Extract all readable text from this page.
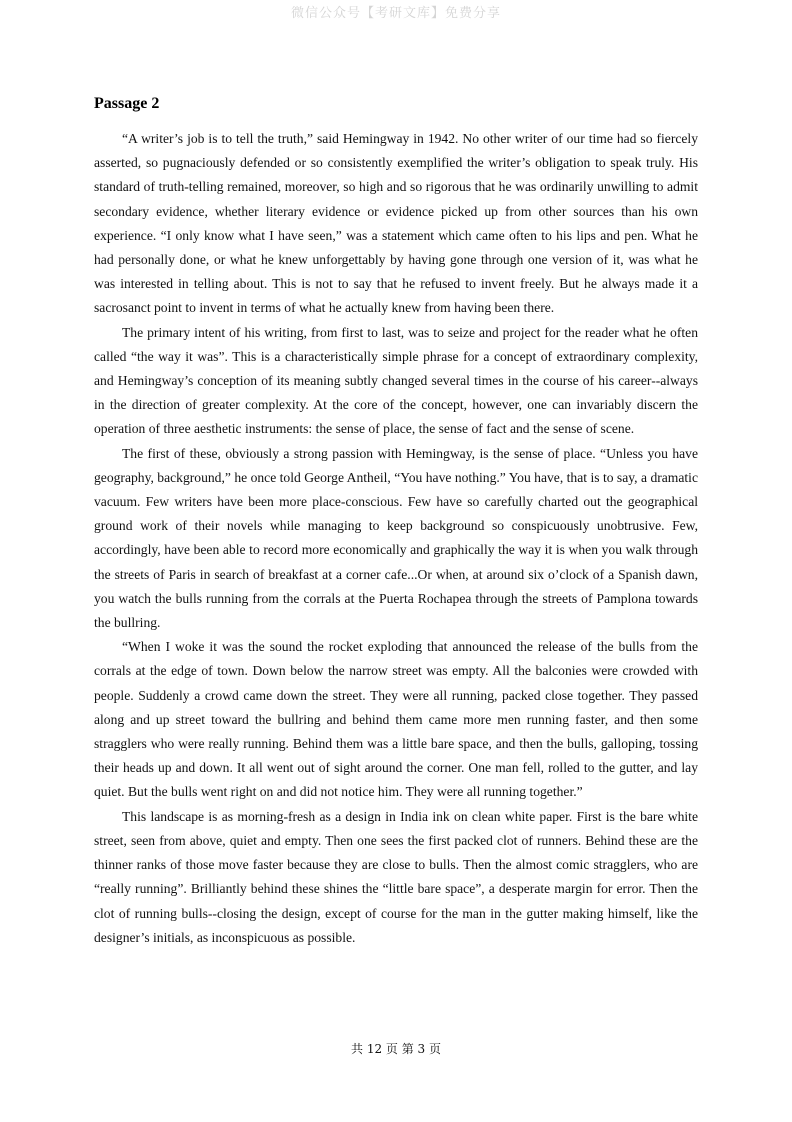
微信公众号【考研文库】免费分享
Passage 2

“A writer’s job is to tell the truth,” said Hemingway in 1942. No other writer of our time had so fiercely asserted, so pugnaciously defended or so consistently exemplified the writer’s obligation to speak truly. His standard of truth-telling remained, moreover, so high and so rigorous that he was ordinarily unwilling to admit secondary evidence, whether literary evidence or evidence picked up from other sources than his own experience. “I only know what I have seen,” was a statement which came often to his lips and pen. What he had personally done, or what he knew unforgettably by having gone through one version of it, was what he was interested in telling about. This is not to say that he refused to invent freely. But he always made it a sacrosanct point to invent in terms of what he actually knew from having been there.

The primary intent of his writing, from first to last, was to seize and project for the reader what he often called “the way it was”. This is a characteristically simple phrase for a concept of extraordinary complexity, and Hemingway’s conception of its meaning subtly changed several times in the course of his career--always in the direction of greater complexity. At the core of the concept, however, one can invariably discern the operation of three aesthetic instruments: the sense of place, the sense of fact and the sense of scene.

The first of these, obviously a strong passion with Hemingway, is the sense of place. “Unless you have geography, background,” he once told George Antheil, “You have nothing.” You have, that is to say, a dramatic vacuum. Few writers have been more place-conscious. Few have so carefully charted out the geographical ground work of their novels while managing to keep background so conspicuously unobtrusive. Few, accordingly, have been able to record more economically and graphically the way it is when you walk through the streets of Paris in search of breakfast at a corner cafe...Or when, at around six o’clock of a Spanish dawn, you watch the bulls running from the corrals at the Puerta Rochapea through the streets of Pamplona towards the bullring.

“When I woke it was the sound the rocket exploding that announced the release of the bulls from the corrals at the edge of town. Down below the narrow street was empty. All the balconies were crowded with people. Suddenly a crowd came down the street. They were all running, packed close together. They passed along and up street toward the bullring and behind them came more men running faster, and then some stragglers who were really running. Behind them was a little bare space, and then the bulls, galloping, tossing their heads up and down. It all went out of sight around the corner. One man fell, rolled to the gutter, and lay quiet. But the bulls went right on and did not notice him. They were all running together.”

This landscape is as morning-fresh as a design in India ink on clean white paper. First is the bare white street, seen from above, quiet and empty. Then one sees the first packed clot of runners. Behind these are the thinner ranks of those move faster because they are close to bulls. Then the almost comic stragglers, who are “really running”. Brilliantly behind these shines the “little bare space”, a desperate margin for error. Then the clot of running bulls--closing the design, except of course for the man in the gutter making himself, like the designer’s initials, as inconspicuous as possible.

共 12 页 第 3 页
